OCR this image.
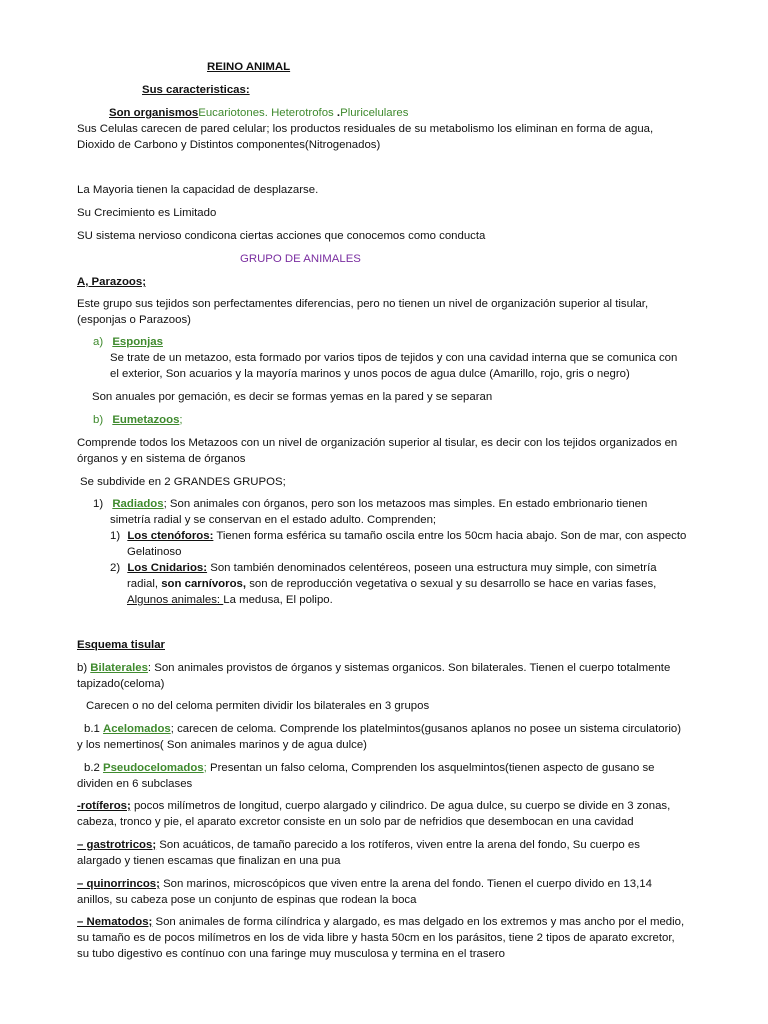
REINO ANIMAL
Sus caracteristicas:
Son organismosEucariotones. Heterotrofos .Pluricelulares
Sus Celulas carecen de pared celular; los productos residuales de su metabolismo los eliminan en forma de agua,
Dioxido de Carbono y Distintos componentes(Nitrogenados)
La Mayoria tienen la capacidad de desplazarse.
Su Crecimiento es Limitado
SU sistema nervioso condicona ciertas acciones que conocemos como conducta
GRUPO DE ANIMALES
A, Parazoos;
Este grupo sus tejidos son perfectamentes diferencias, pero no tienen un nivel de organización superior al tisular,
(esponjas o Parazoos)
a) Esponjas
Se trate de un metazoo, esta formado por varios tipos de tejidos y con una cavidad interna que se comunica con
el exterior, Son acuarios y la mayoría marinos y unos pocos de agua dulce (Amarillo, rojo, gris o negro)
Son anuales por gemación, es decir se formas yemas en la pared y se separan
b) Eumetazoos;
Comprende todos los Metazoos con un nivel de organización superior al tisular, es decir con los tejidos organizados en
órganos y en sistema de órganos
Se subdivide en 2 GRANDES GRUPOS;
1) Radiados; Son animales con órganos, pero son los metazoos mas simples. En estado embrionario tienen
simetría radial y se conservan en el estado adulto. Comprenden;
1) Los ctenóforos: Tienen forma esférica su tamaño oscila entre los 50cm hacia abajo. Son de mar, con aspecto
Gelatinoso
2) Los Cnidarios: Son también denominados celentéreos, poseen una estructura muy simple, con simetría
radial, son carnívoros, son de reproducción vegetativa o sexual y su desarrollo se hace en varias fases,
Algunos animales: La medusa, El polipo.
Esquema tisular
b) Bilaterales: Son animales provistos de órganos y sistemas organicos. Son bilaterales. Tienen el cuerpo totalmente
tapizado(celoma)
Carecen o no del celoma permiten dividir los bilaterales en 3 grupos
b.1 Acelomados; carecen de celoma. Comprende los platelmintos(gusanos aplanos no posee un sistema circulatorio)
y los nemertinos( Son animales marinos y de agua dulce)
b.2 Pseudocelomados; Presentan un falso celoma, Comprenden los asquelmintos(tienen aspecto de gusano se
dividen en 6 subclases
-rotíferos; pocos milímetros de longitud, cuerpo alargado y cilindrico. De agua dulce, su cuerpo se divide en 3 zonas,
cabeza, tronco y pie, el aparato excretor consiste en un solo par de nefridios que desembocan en una cavidad
– gastrotricos; Son acuáticos, de tamaño parecido a los rotíferos, viven entre la arena del fondo, Su cuerpo es
alargado y tienen escamas que finalizan en una pua
– quinorrincos; Son marinos, microscópicos que viven entre la arena del fondo. Tienen el cuerpo divido en 13,14
anillos, su cabeza pose un conjunto de espinas que rodean la boca
– Nematodos; Son animales de forma cilíndrica y alargado, es mas delgado en los extremos y mas ancho por el medio,
su tamaño es de pocos milímetros en los de vida libre y hasta 50cm en los parásitos, tiene 2 tipos de aparato excretor,
su tubo digestivo es contínuo con una faringe muy musculosa y termina en el trasero
